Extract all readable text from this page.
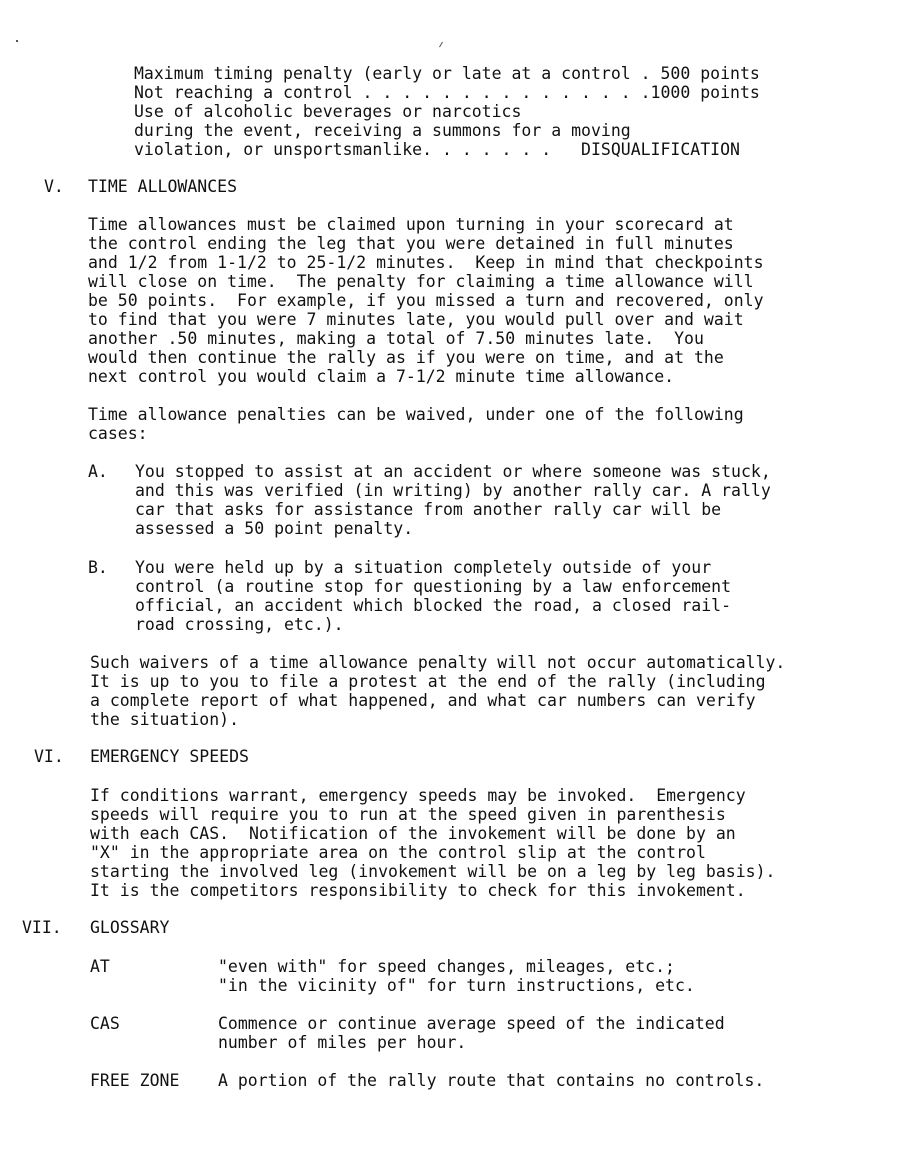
Maximum timing penalty (early or late at a control . 500 points
Not reaching a control . . . . . . . . . . . . . . .1000 points
Use of alcoholic beverages or narcotics
during the event, receiving a summons for a moving
violation, or unsportsmanlike. . . . . . .   DISQUALIFICATION
V. TIME ALLOWANCES
Time allowances must be claimed upon turning in your scorecard at
the control ending the leg that you were detained in full minutes
and 1/2 from 1-1/2 to 25-1/2 minutes.  Keep in mind that checkpoints
will close on time.  The penalty for claiming a time allowance will
be 50 points.  For example, if you missed a turn and recovered, only
to find that you were 7 minutes late, you would pull over and wait
another .50 minutes, making a total of 7.50 minutes late.  You
would then continue the rally as if you were on time, and at the
next control you would claim a 7-1/2 minute time allowance.
Time allowance penalties can be waived, under one of the following
cases:
A. You stopped to assist at an accident or where someone was stuck,
and this was verified (in writing) by another rally car. A rally
car that asks for assistance from another rally car will be
assessed a 50 point penalty.
B. You were held up by a situation completely outside of your
control (a routine stop for questioning by a law enforcement
official, an accident which blocked the road, a closed rail-
road crossing, etc.).
Such waivers of a time allowance penalty will not occur automatically.
It is up to you to file a protest at the end of the rally (including
a complete report of what happened, and what car numbers can verify
the situation).
VI. EMERGENCY SPEEDS
If conditions warrant, emergency speeds may be invoked.  Emergency
speeds will require you to run at the speed given in parenthesis
with each CAS.  Notification of the invokement will be done by an
"X" in the appropriate area on the control slip at the control
starting the involved leg (invokement will be on a leg by leg basis).
It is the competitors responsibility to check for this invokement.
VII. GLOSSARY
AT	"even with" for speed changes, mileages, etc.;
"in the vicinity of" for turn instructions, etc.
CAS	Commence or continue average speed of the indicated
number of miles per hour.
FREE ZONE A portion of the rally route that contains no controls.
